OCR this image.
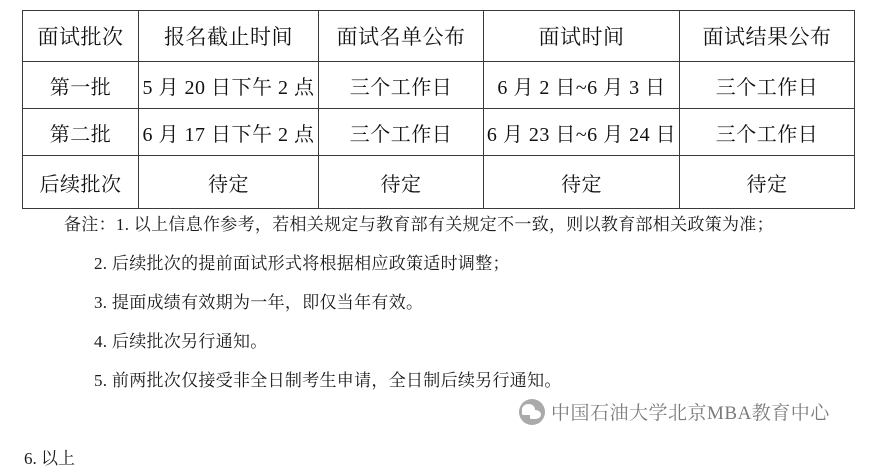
面试批次	报名截止时间	面试名单公布	面试时间	面试结果公布
第一批	5 月 20 日下午 2 点	三个工作日	6 月 2 日~6 月 3 日	三个工作日
第二批	6 月 17 日下午 2 点	三个工作日	6 月 23 日~6 月 24 日	三个工作日
后续批次	待定	待定	待定	待定
备注：1. 以上信息作参考，若相关规定与教育部有关规定不一致，则以教育部相关政策为准；
2. 后续批次的提前面试形式将根据相应政策适时调整；
3. 提面成绩有效期为一年，即仅当年有效。
4. 后续批次另行通知。
5. 前两批次仅接受非全日制考生申请，全日制后续另行通知。
中国石油大学北京MBA教育中心
6. 以上
